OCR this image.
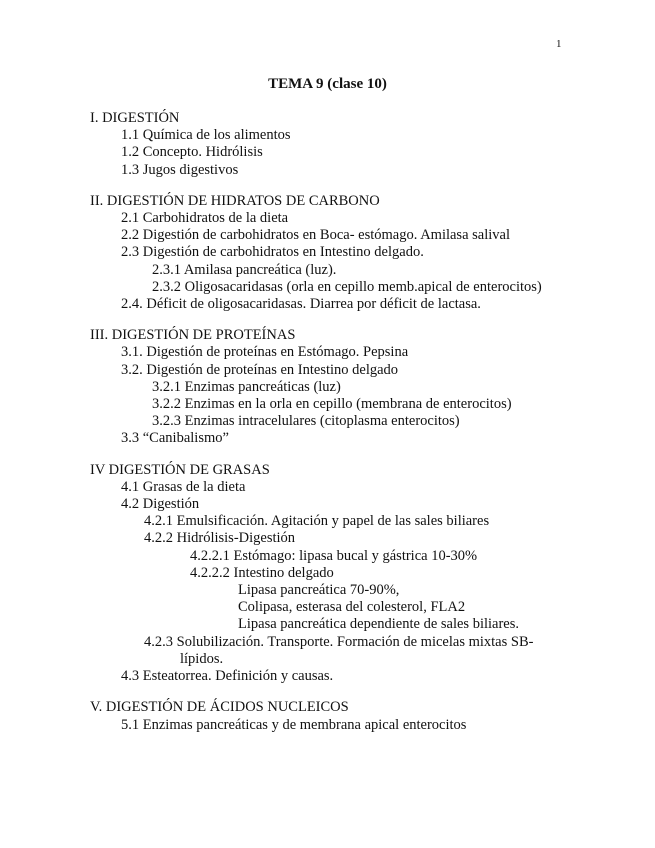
1
TEMA 9 (clase 10)
I. DIGESTIÓN
1.1 Química de los alimentos
1.2 Concepto. Hidrólisis
1.3 Jugos digestivos
II. DIGESTIÓN DE HIDRATOS DE CARBONO
2.1 Carbohidratos de la dieta
2.2 Digestión de carbohidratos en Boca- estómago. Amilasa salival
2.3 Digestión de carbohidratos en Intestino delgado.
2.3.1 Amilasa pancreática (luz).
2.3.2 Oligosacaridasas (orla en cepillo memb.apical de enterocitos)
2.4. Déficit de oligosacaridasas. Diarrea por déficit de lactasa.
III. DIGESTIÓN DE PROTEÍNAS
3.1. Digestión de proteínas en Estómago. Pepsina
3.2. Digestión de proteínas en Intestino delgado
3.2.1 Enzimas pancreáticas (luz)
3.2.2 Enzimas en la orla en cepillo (membrana de enterocitos)
3.2.3 Enzimas intracelulares (citoplasma enterocitos)
3.3 “Canibalismo”
IV DIGESTIÓN DE GRASAS
4.1 Grasas de la dieta
4.2 Digestión
4.2.1 Emulsificación. Agitación y papel de las sales biliares
4.2.2 Hidrólisis-Digestión
4.2.2.1 Estómago: lipasa bucal y gástrica 10-30%
4.2.2.2 Intestino delgado
Lipasa pancreática 70-90%,
Colipasa, esterasa del colesterol, FLA2
Lipasa pancreática dependiente de sales biliares.
4.2.3 Solubilización. Transporte. Formación de micelas mixtas SB-
lípidos.
4.3 Esteatorrea. Definición y causas.
V. DIGESTIÓN DE ÁCIDOS NUCLEICOS
5.1 Enzimas pancreáticas y de membrana apical enterocitos
